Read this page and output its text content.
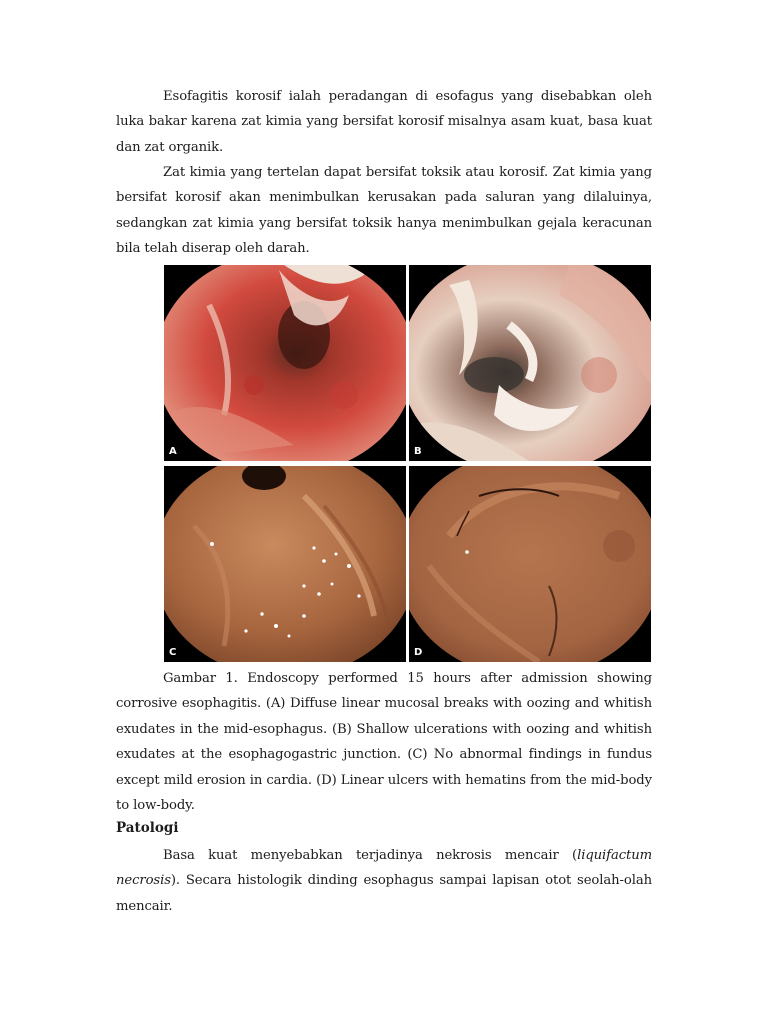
Esofagitis korosif ialah peradangan di esofagus yang disebabkan oleh luka bakar karena zat kimia yang bersifat korosif misalnya asam kuat, basa kuat dan zat organik.

Zat kimia yang tertelan dapat bersifat toksik atau korosif. Zat kimia yang bersifat korosif akan menimbulkan kerusakan pada saluran yang dilaluinya, sedangkan zat kimia yang bersifat toksik hanya menimbulkan gejala keracunan bila telah diserap oleh darah.

A	B
C	D

Gambar 1. Endoscopy performed 15 hours after admission showing corrosive esophagitis. (A) Diffuse linear mucosal breaks with oozing and whitish exudates in the mid-esophagus. (B) Shallow ulcerations with oozing and whitish exudates at the esophagogastric junction. (C) No abnormal findings in fundus except mild erosion in cardia. (D) Linear ulcers with hematins from the mid-body to low-body.

Patologi

Basa kuat menyebabkan terjadinya nekrosis mencair (liquifactum necrosis). Secara histologik dinding esophagus sampai lapisan otot seolah-olah mencair.
